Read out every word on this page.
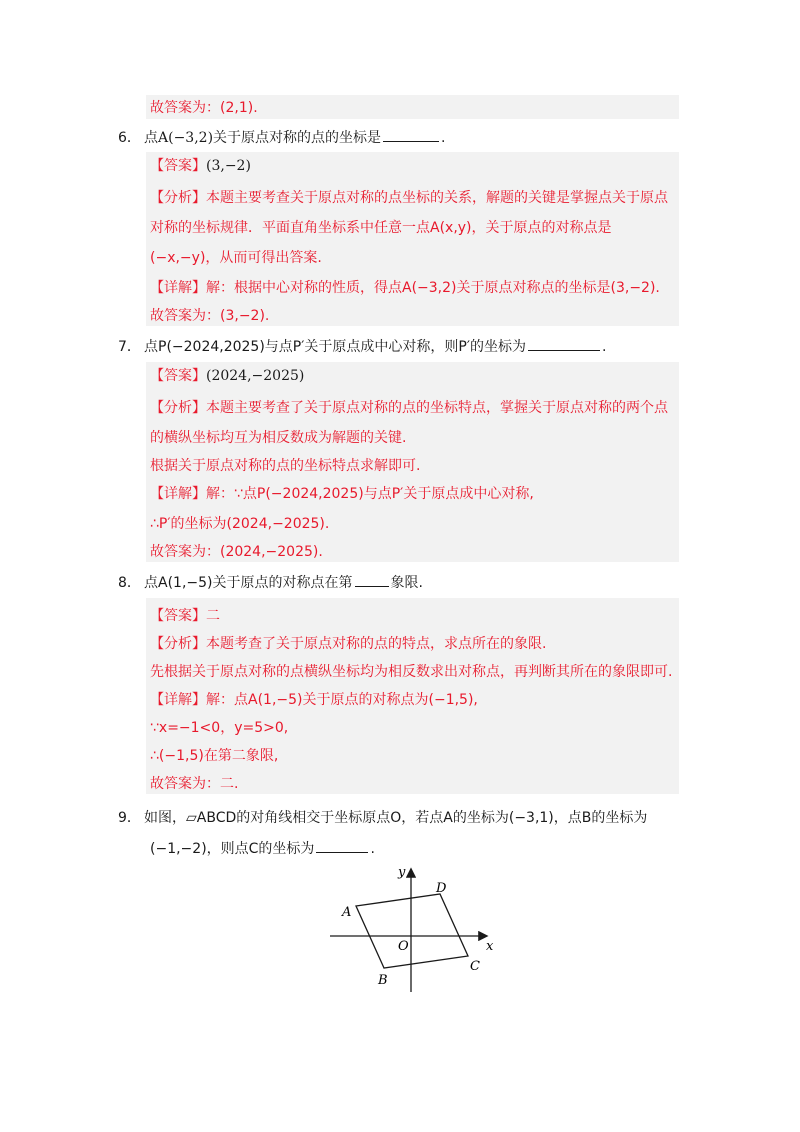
故答案为：(2,1).
6． 点A(−3,2)关于原点对称的点的坐标是	.
【答案】(3,−2)
【分析】本题主要考查关于原点对称的点坐标的关系，解题的关键是掌握点关于原点
对称的坐标规律．平面直角坐标系中任意一点A(x,y)，关于原点的对称点是
(−x,−y)，从而可得出答案.
【详解】解：根据中心对称的性质，得点A(−3,2)关于原点对称点的坐标是(3,−2).
故答案为：(3,−2).
7． 点P(−2024,2025)与点P′关于原点成中心对称，则P′的坐标为	.
【答案】(2024,−2025)
【分析】本题主要考查了关于原点对称的点的坐标特点，掌握关于原点对称的两个点
的横纵坐标均互为相反数成为解题的关键.
根据关于原点对称的点的坐标特点求解即可.
【详解】解：∵点P(−2024,2025)与点P′关于原点成中心对称,
∴P′的坐标为(2024,−2025).
故答案为：(2024,−2025).
8． 点A(1,−5)关于原点的对称点在第	象限.
【答案】二
【分析】本题考查了关于原点对称的点的特点，求点所在的象限.
先根据关于原点对称的点横纵坐标均为相反数求出对称点，再判断其所在的象限即可.
【详解】解：点A(1,−5)关于原点的对称点为(−1,5),
∵x=−1<0，y=5>0,
∴(−1,5)在第二象限,
故答案为：二.
9． 如图，▱ABCD的对角线相交于坐标原点O，若点A的坐标为(−3,1)，点B的坐标为
(−1,−2)，则点C的坐标为	.
y
x
O
A
B
C
D
